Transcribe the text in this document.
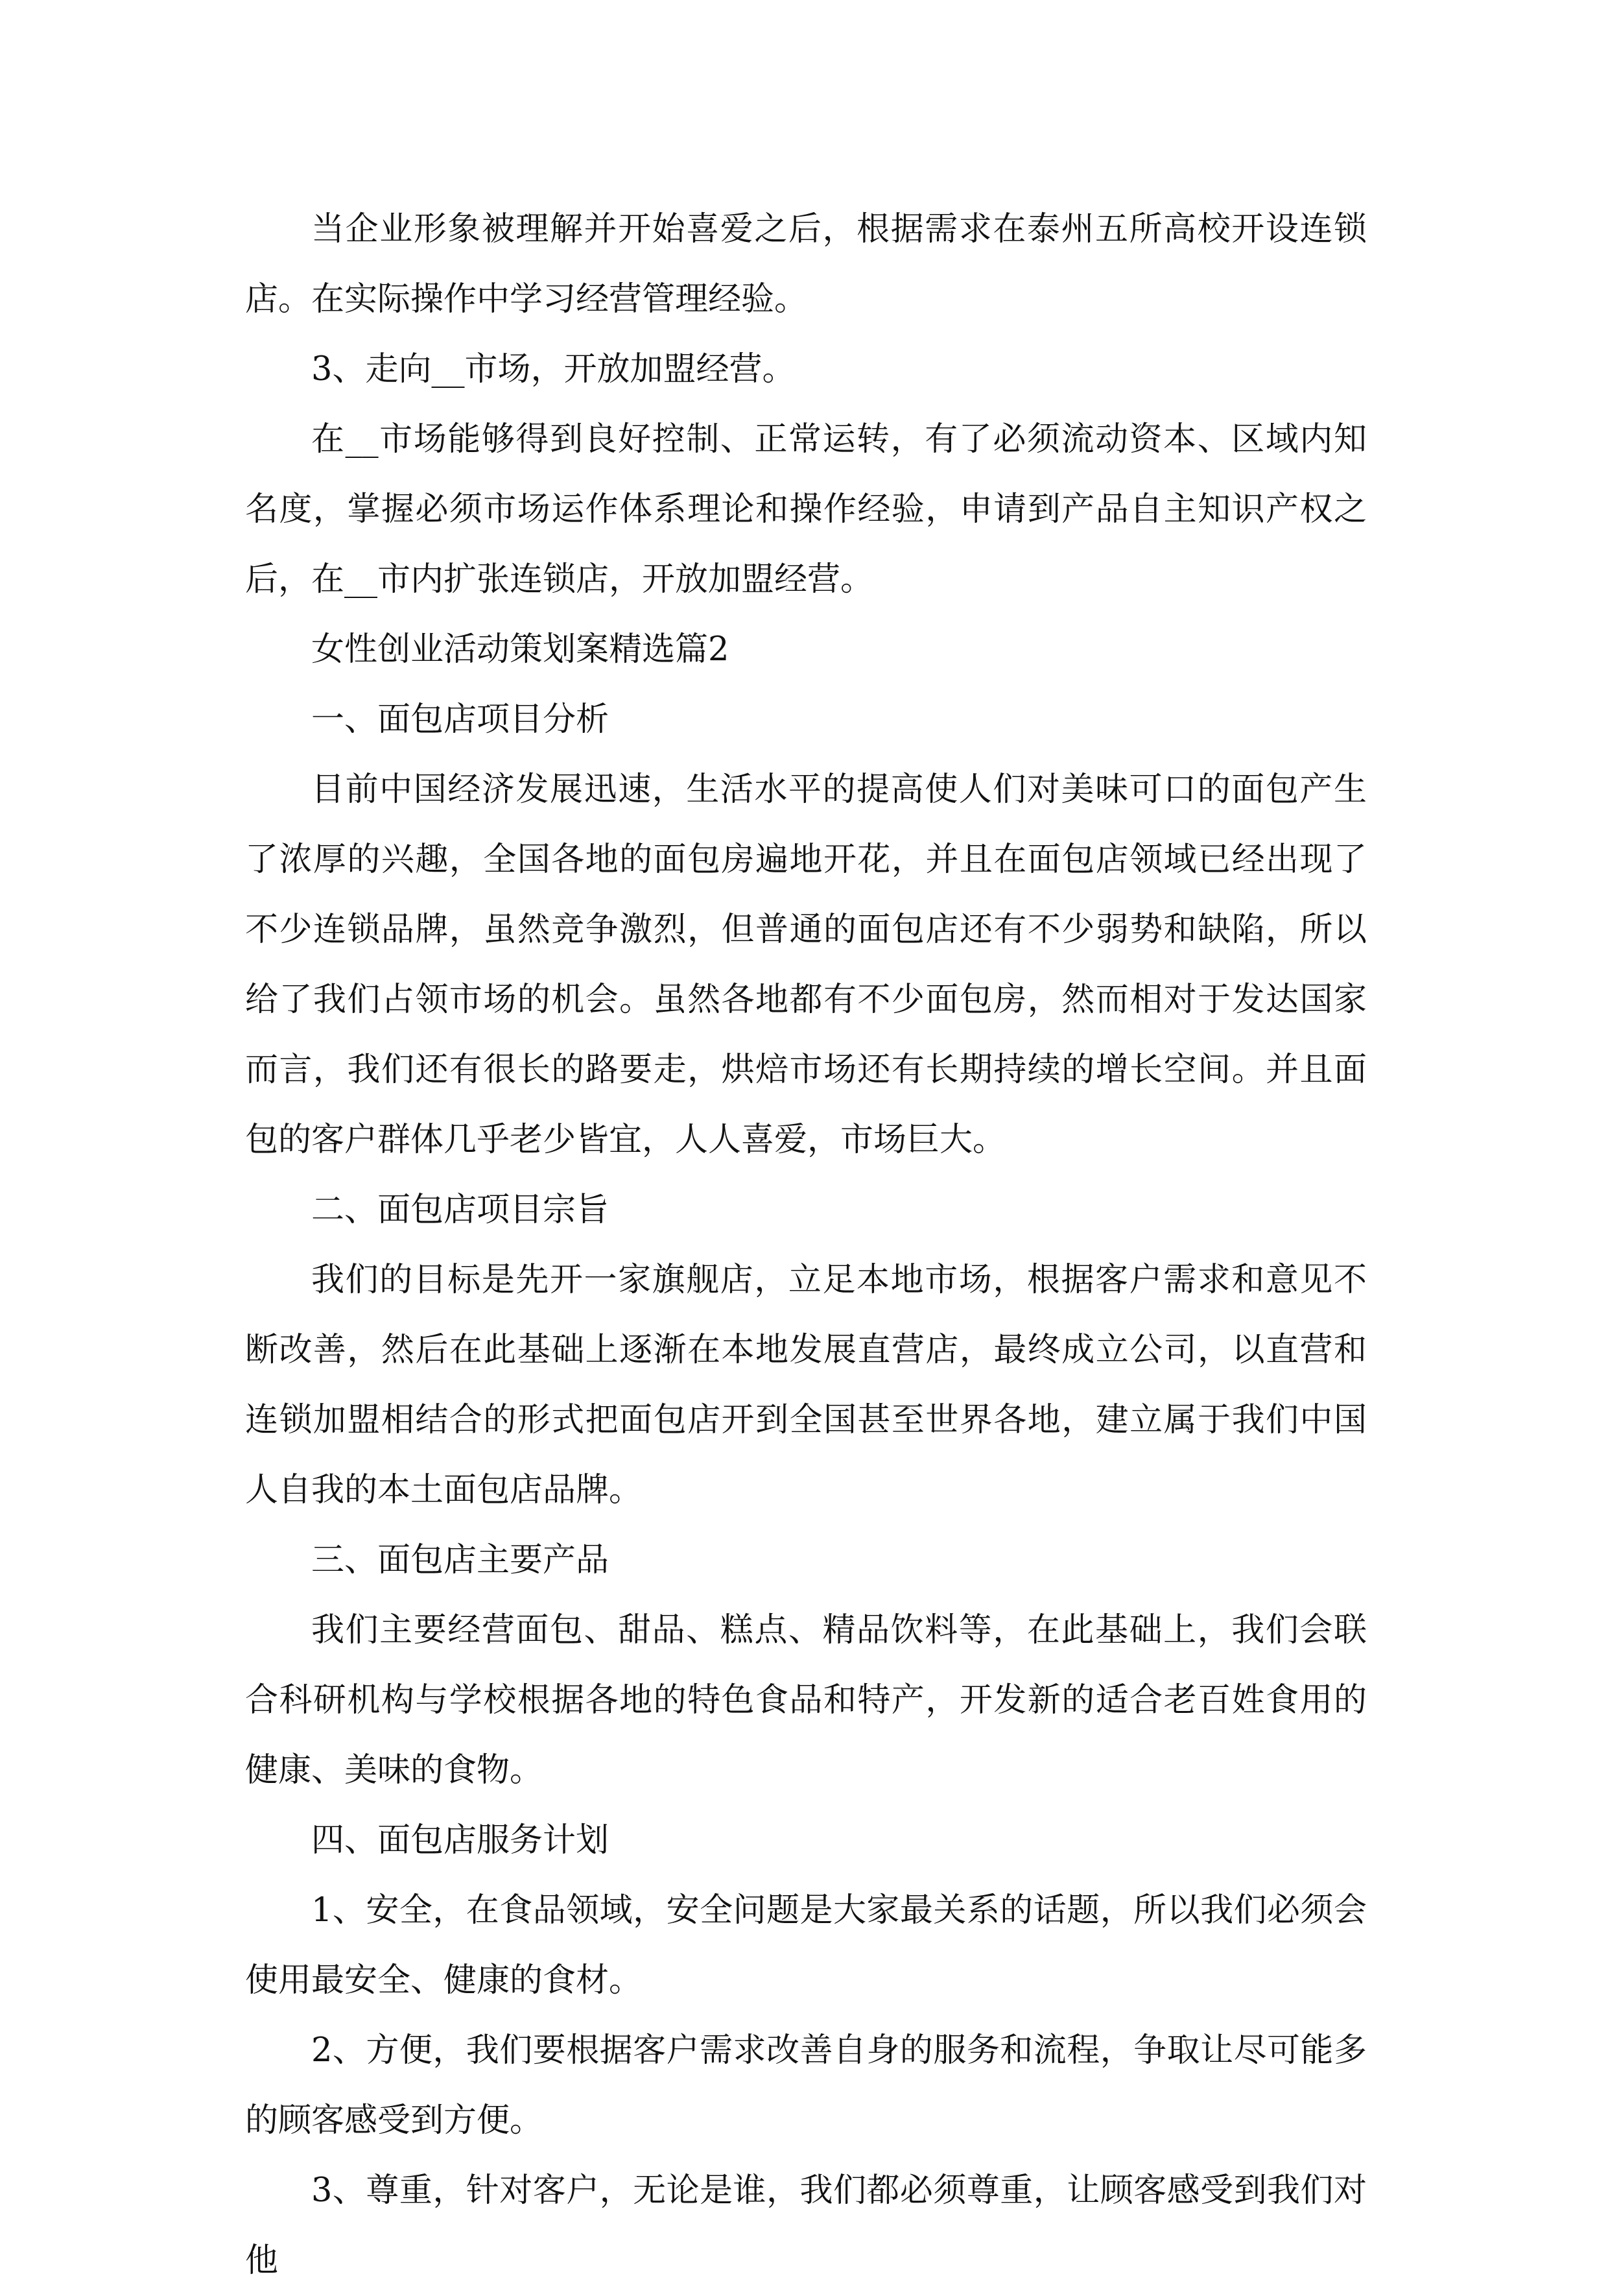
当企业形象被理解并开始喜爱之后，根据需求在泰州五所高校开设连锁店。在实际操作中学习经营管理经验。

3、走向__市场，开放加盟经营。

在__市场能够得到良好控制、正常运转，有了必须流动资本、区域内知名度，掌握必须市场运作体系理论和操作经验，申请到产品自主知识产权之后，在__市内扩张连锁店，开放加盟经营。

女性创业活动策划案精选篇2

一、面包店项目分析

目前中国经济发展迅速，生活水平的提高使人们对美味可口的面包产生了浓厚的兴趣，全国各地的面包房遍地开花，并且在面包店领域已经出现了不少连锁品牌，虽然竞争激烈，但普通的面包店还有不少弱势和缺陷，所以给了我们占领市场的机会。虽然各地都有不少面包房，然而相对于发达国家而言，我们还有很长的路要走，烘焙市场还有长期持续的增长空间。并且面包的客户群体几乎老少皆宜，人人喜爱，市场巨大。

二、面包店项目宗旨

我们的目标是先开一家旗舰店，立足本地市场，根据客户需求和意见不断改善，然后在此基础上逐渐在本地发展直营店，最终成立公司，以直营和连锁加盟相结合的形式把面包店开到全国甚至世界各地，建立属于我们中国人自我的本土面包店品牌。

三、面包店主要产品

我们主要经营面包、甜品、糕点、精品饮料等，在此基础上，我们会联合科研机构与学校根据各地的特色食品和特产，开发新的适合老百姓食用的健康、美味的食物。

四、面包店服务计划

1、安全，在食品领域，安全问题是大家最关系的话题，所以我们必须会使用最安全、健康的食材。

2、方便，我们要根据客户需求改善自身的服务和流程，争取让尽可能多的顾客感受到方便。

3、尊重，针对客户，无论是谁，我们都必须尊重，让顾客感受到我们对他
